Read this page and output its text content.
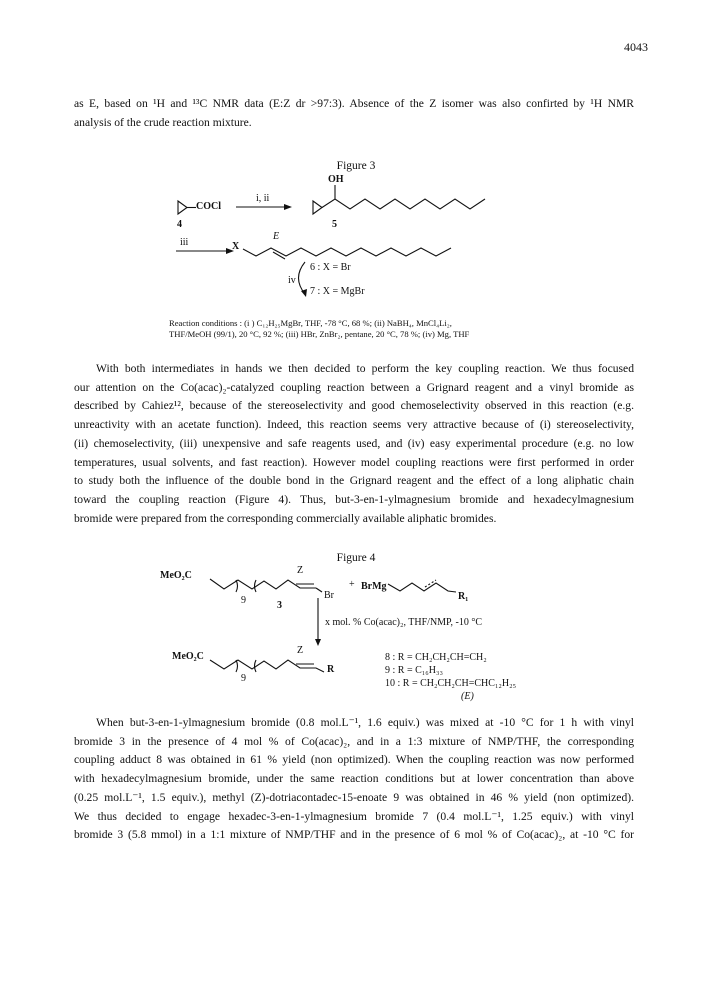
4043

as E, based on ¹H and ¹³C NMR data (E:Z dr >97:3). Absence of the Z isomer was also confirted by ¹H NMR
analysis of the crude reaction mixture.

Figure 3
COCl
4
i, ii
OH
5
iii	X
E
iv
6 : X = Br
7 : X = MgBr
Reaction conditions : (i ) C₁₂H₂₅MgBr, THF, -78 °C, 68 %; (ii) NaBH₄, MnCl₄Li₂,
THF/MeOH (99/1), 20 °C, 92 %; (iii) HBr, ZnBr₂, pentane, 20 °C, 78 %; (iv) Mg, THF

With both intermediates in hands we then decided to perform the key coupling reaction. We thus focused
our attention on the Co(acac)₂-catalyzed coupling reaction between a Grignard reagent and a vinyl bromide as
described by Cahiez¹², because of the stereoselectivity and good chemoselectivity observed in this reaction (e.g.
unreactivity with an acetate function). Indeed, this reaction seems very attractive because of (i) stereoselectivity,
(ii) chemoselectivity, (iii) unexpensive and safe reagents used, and (iv) easy experimental procedure (e.g. no low
temperatures, usual solvents, and fast reaction). However model coupling reactions were first performed in order
to study both the influence of the double bond in the Grignard reagent and the effect of a long aliphatic chain
toward the coupling reaction (Figure 4). Thus, but-3-en-1-ylmagnesium bromide and hexadecylmagnesium
bromide were prepared from the corresponding commercially available aliphatic bromides.

Figure 4
MeO₂C
9
Z
Br
3
+ BrMg
R₁
x mol. % Co(acac)₂, THF/NMP, -10 °C
MeO₂C
9
Z
R
8 : R = CH₂CH₂CH=CH₂
9 : R = C₁₆H₃₃
10 : R = CH₂CH₂CH=CHC₁₂H₂₅
(E)

When but-3-en-1-ylmagnesium bromide (0.8 mol.L⁻¹, 1.6 equiv.) was mixed at -10 °C for 1 h with vinyl
bromide 3 in the presence of 4 mol % of Co(acac)₂, and in a 1:3 mixture of NMP/THF, the corresponding
coupling adduct 8 was obtained in 61 % yield (non optimized). When the coupling reaction was now performed
with hexadecylmagnesium bromide, under the same reaction conditions but at lower concentration than above
(0.25 mol.L⁻¹, 1.5 equiv.), methyl (Z)-dotriacontadec-15-enoate 9 was obtained in 46 % yield (non optimized).
We thus decided to engage hexadec-3-en-1-ylmagnesium bromide 7 (0.4 mol.L⁻¹, 1.25 equiv.) with vinyl
bromide 3 (5.8 mmol) in a 1:1 mixture of NMP/THF and in the presence of 6 mol % of Co(acac)₂, at -10 °C for
